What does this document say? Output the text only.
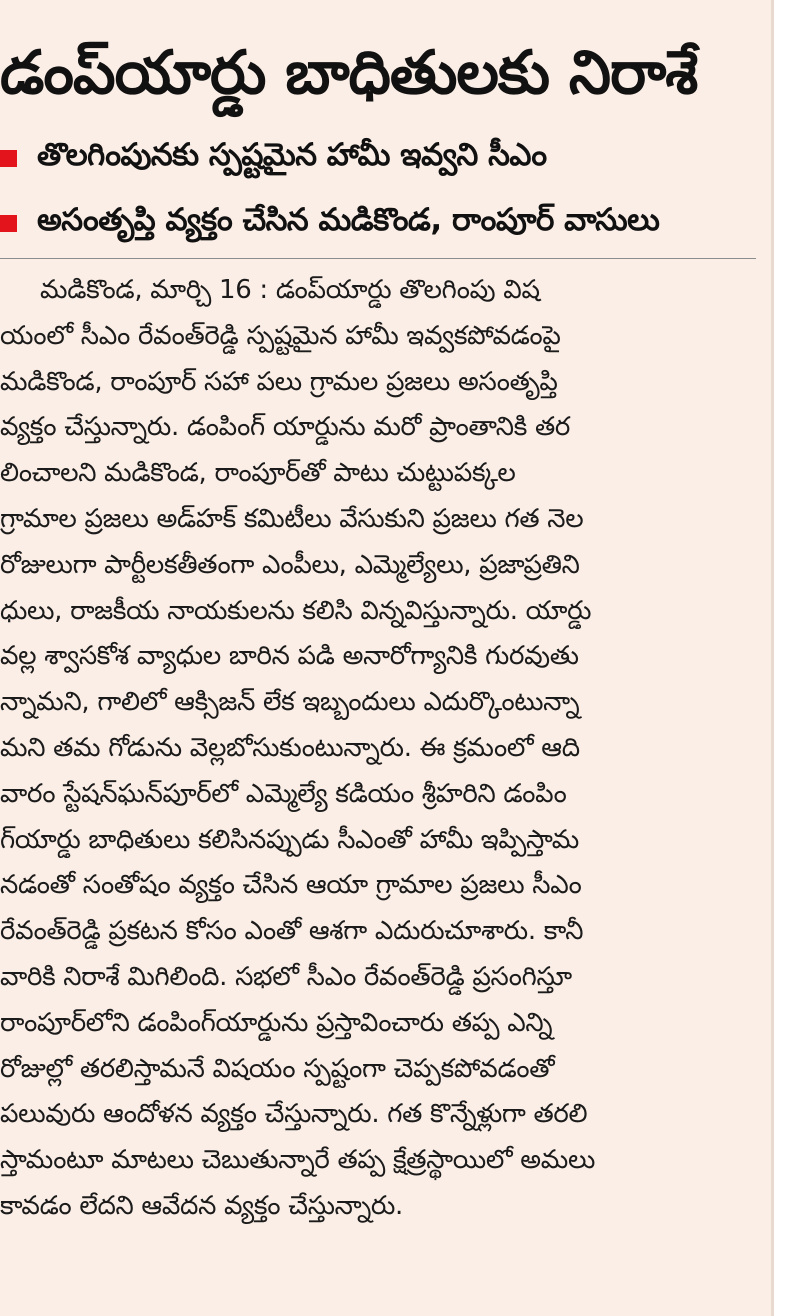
డంప్‌యార్డు బాధితులకు నిరాశే
తొలగింపునకు స్పష్టమైన హామీ ఇవ్వని సీఎం
అసంతృప్తి వ్యక్తం చేసిన మడికొండ, రాంపూర్ వాసులు
మడికొండ, మార్చి 16 : డంప్‌యార్డు తొలగింపు విష
యంలో సీఎం రేవంత్‌రెడ్డి స్పష్టమైన హామీ ఇవ్వకపోవడంపై
మడికొండ, రాంపూర్ సహా పలు గ్రామల ప్రజలు అసంతృప్తి
వ్యక్తం చేస్తున్నారు. డంపింగ్ యార్డును మరో ప్రాంతానికి తర
లించాలని మడికొండ, రాంపూర్‌తో పాటు చుట్టుపక్కల
గ్రామాల ప్రజలు అడ్‌హక్ కమిటీలు వేసుకుని ప్రజలు గత నెల
రోజులుగా పార్టీలకతీతంగా ఎంపీలు, ఎమ్మెల్యేలు, ప్రజాప్రతిని
ధులు, రాజకీయ నాయకులను కలిసి విన్నవిస్తున్నారు. యార్డు
వల్ల శ్వాసకోశ వ్యాధుల బారిన పడి అనారోగ్యానికి గురవుతు
న్నామని, గాలిలో ఆక్సిజన్ లేక ఇబ్బందులు ఎదుర్కొంటున్నా
మని తమ గోడును వెల్లబోసుకుంటున్నారు. ఈ క్రమంలో ఆది
వారం స్టేషన్‌ఘన్‌పూర్‌లో ఎమ్మెల్యే కడియం శ్రీహరిని డంపిం
గ్‌యార్డు బాధితులు కలిసినప్పుడు సీఎంతో హామీ ఇప్పిస్తామ
నడంతో సంతోషం వ్యక్తం చేసిన ఆయా గ్రామాల ప్రజలు సీఎం
రేవంత్‌రెడ్డి ప్రకటన కోసం ఎంతో ఆశగా ఎదురుచూశారు. కానీ
వారికి నిరాశే మిగిలింది. సభలో సీఎం రేవంత్‌రెడ్డి ప్రసంగిస్తూ
రాంపూర్‌లోని డంపింగ్‌యార్డును ప్రస్తావించారు తప్ప ఎన్ని
రోజుల్లో తరలిస్తామనే విషయం స్పష్టంగా చెప్పకపోవడంతో
పలువురు ఆందోళన వ్యక్తం చేస్తున్నారు. గత కొన్నేళ్లుగా తరలి
స్తామంటూ మాటలు చెబుతున్నారే తప్ప క్షేత్రస్థాయిలో అమలు
కావడం లేదని ఆవేదన వ్యక్తం చేస్తున్నారు.
